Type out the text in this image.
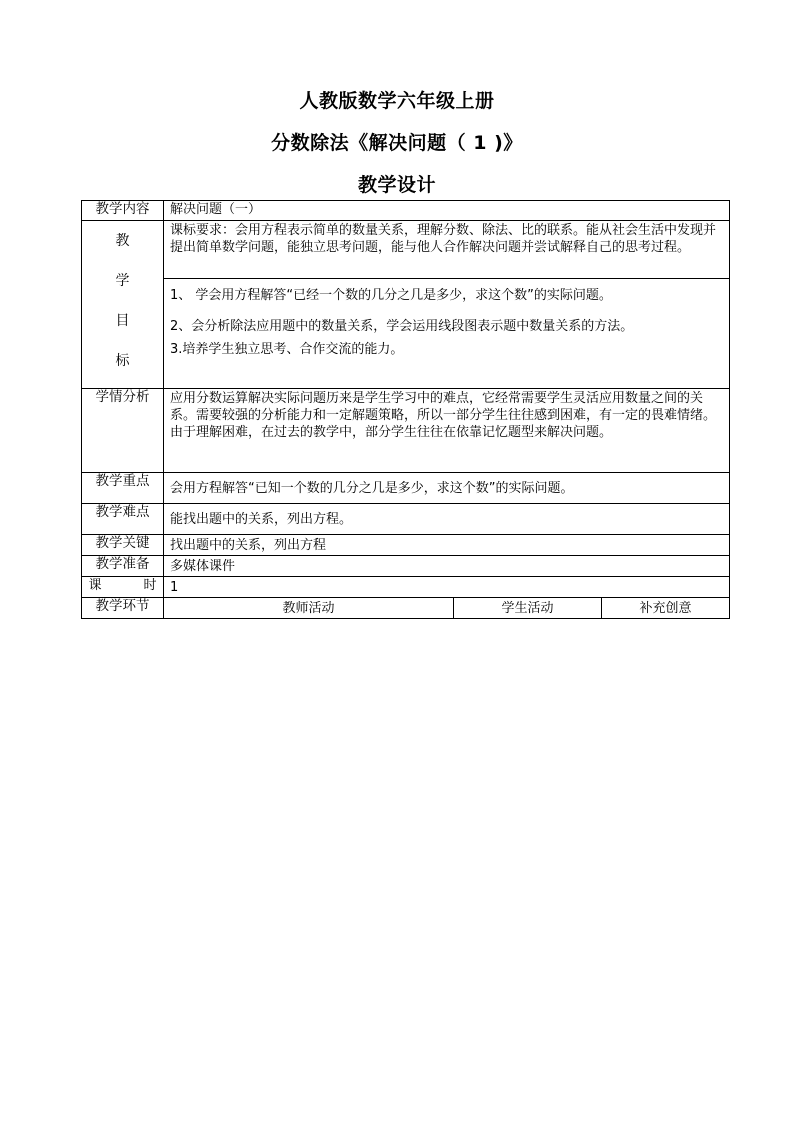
人教版数学六年级上册
分数除法《解决问题（ 1 )》
教学设计
教学内容	解决问题（一）		

教
学
目
标	课标要求：会用方程表示简单的数量关系，理解分数、除法、比的联系。能从社会生活中发现并提出简单数学问题，能独立思考问题，能与他人合作解决问题并尝试解释自己的思考过程。		

	1、 学会用方程解答“已经一个数的几分之几是多少，求这个数”的实际问题。

2、会分析除法应用题中的数量关系，学会运用线段图表示题中数量关系的方法。

3.培养学生独立思考、合作交流的能力。		

学情分析	应用分数运算解决实际问题历来是学生学习中的难点，它经常需要学生灵活应用数量之间的关系。需要较强的分析能力和一定解题策略，所以一部分学生往往感到困难，有一定的畏难情绪。由于理解困难，在过去的教学中，部分学生往往在依靠记忆题型来解决问题。		

教学重点	会用方程解答“已知一个数的几分之几是多少，求这个数”的实际问题。		
教学难点	能找出题中的关系，列出方程。		
教学关键	找出题中的关系，列出方程		
教学准备	多媒体课件		
课 时	1		
教学环节	教师活动	学生活动	补充创意
